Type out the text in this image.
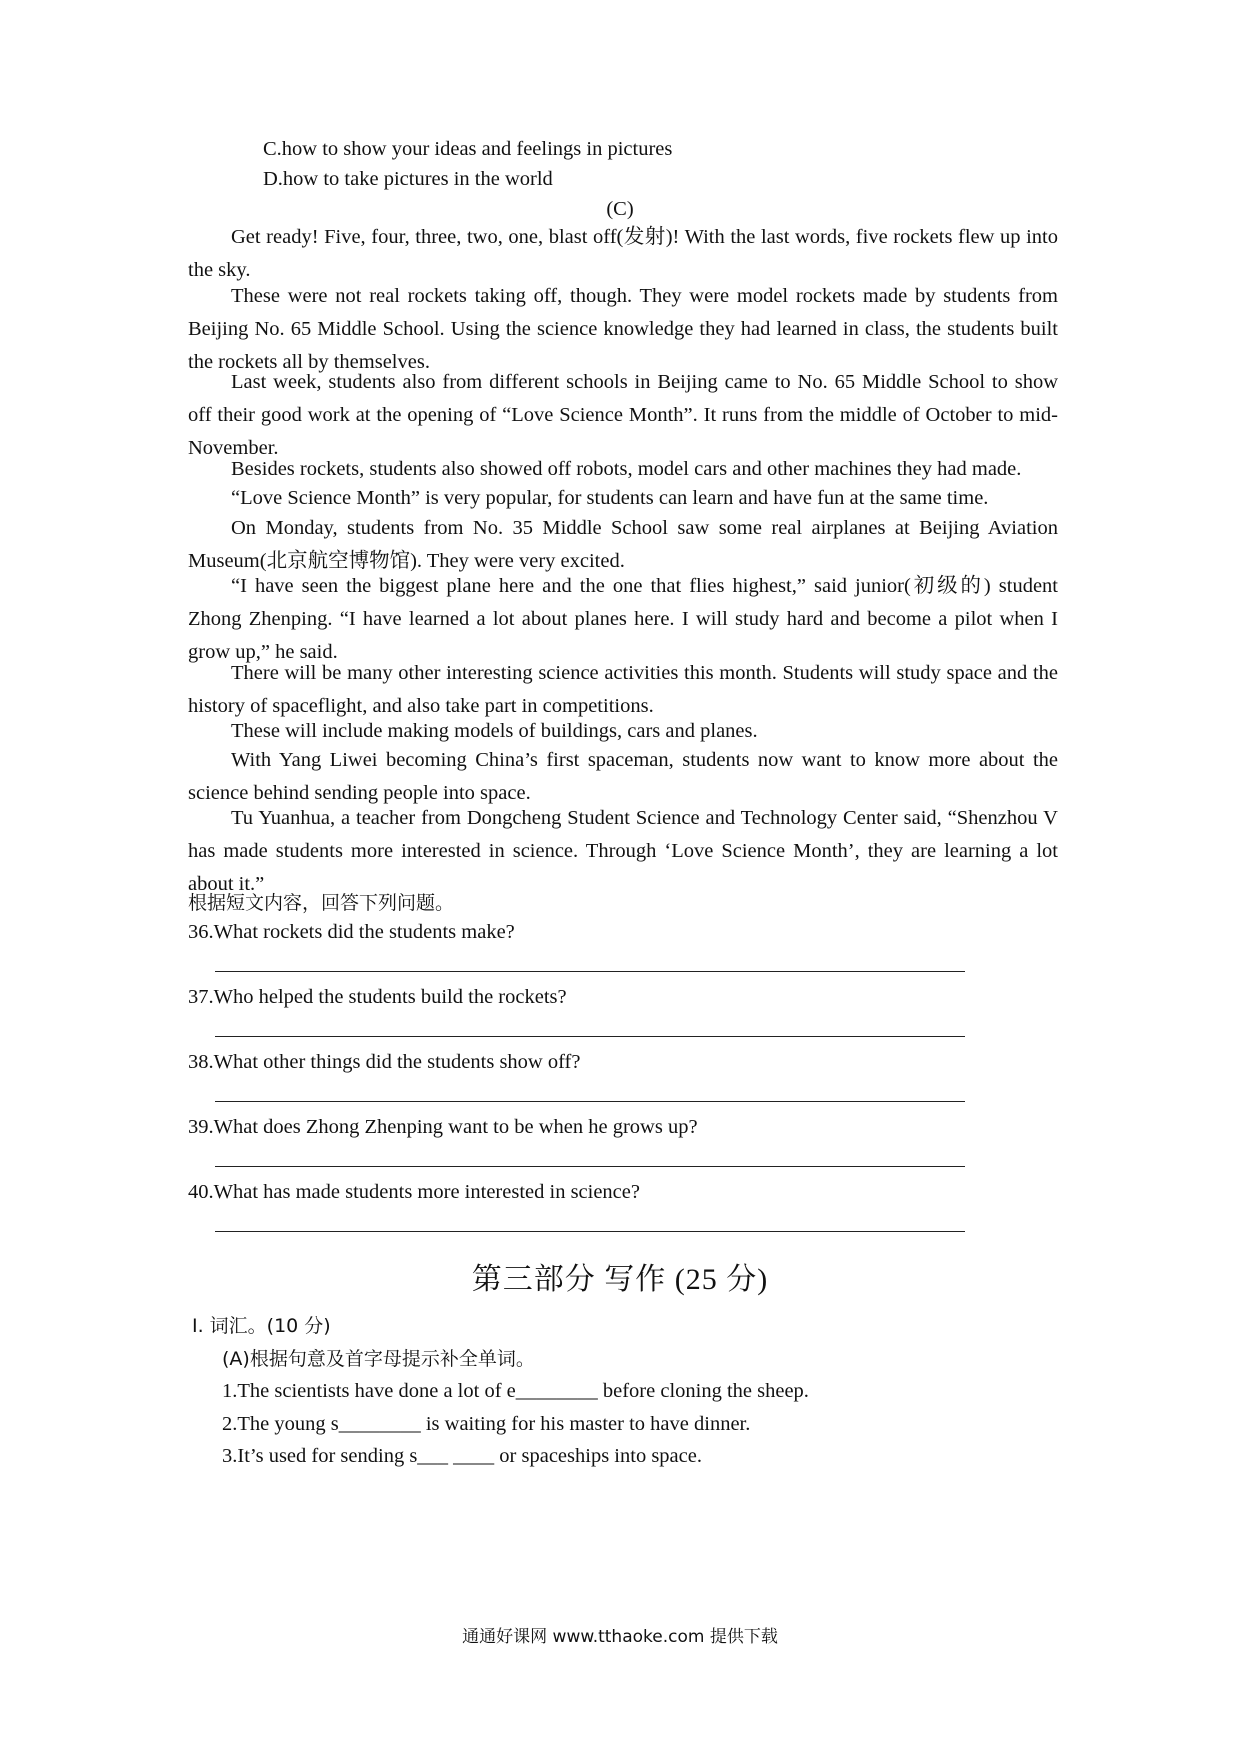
C.how to show your ideas and feelings in pictures
D.how to take pictures in the world
(C)
Get ready! Five, four, three, two, one, blast off(发射)! With the last words, five rockets flew up into the sky.
These were not real rockets taking off, though. They were model rockets made by students from Beijing No. 65 Middle School. Using the science knowledge they had learned in class, the students built the rockets all by themselves.
Last week, students also from different schools in Beijing came to No. 65 Middle School to show off their good work at the opening of “Love Science Month”. It runs from the middle of October to mid-November.
Besides rockets, students also showed off robots, model cars and other machines they had made.
“Love Science Month” is very popular, for students can learn and have fun at the same time.
On Monday, students from No. 35 Middle School saw some real airplanes at Beijing Aviation Museum(北京航空博物馆). They were very excited.
“I have seen the biggest plane here and the one that flies highest,” said junior(初级的) student Zhong Zhenping. “I have learned a lot about planes here. I will study hard and become a pilot when I grow up,” he said.
There will be many other interesting science activities this month. Students will study space and the history of spaceflight, and also take part in competitions.
These will include making models of buildings, cars and planes.
With Yang Liwei becoming China’s first spaceman, students now want to know more about the science behind sending people into space.
Tu Yuanhua, a teacher from Dongcheng Student Science and Technology Center said, “Shenzhou V has made students more interested in science. Through ‘Love Science Month’, they are learning a lot about it.”
根据短文内容，回答下列问题。
36.What rockets did the students make?
37.Who helped the students build the rockets?
38.What other things did the students show off?
39.What does Zhong Zhenping want to be when he grows up?
40.What has made students more interested in science?
第三部分 写作 (25 分)
Ⅰ. 词汇。(10 分)
(A)根据句意及首字母提示补全单词。
1.The scientists have done a lot of e________ before cloning the sheep.
2.The young s________ is waiting for his master to have dinner.
3.It’s used for sending s___ ____ or spaceships into space.
通通好课网 www.tthaoke.com 提供下载
